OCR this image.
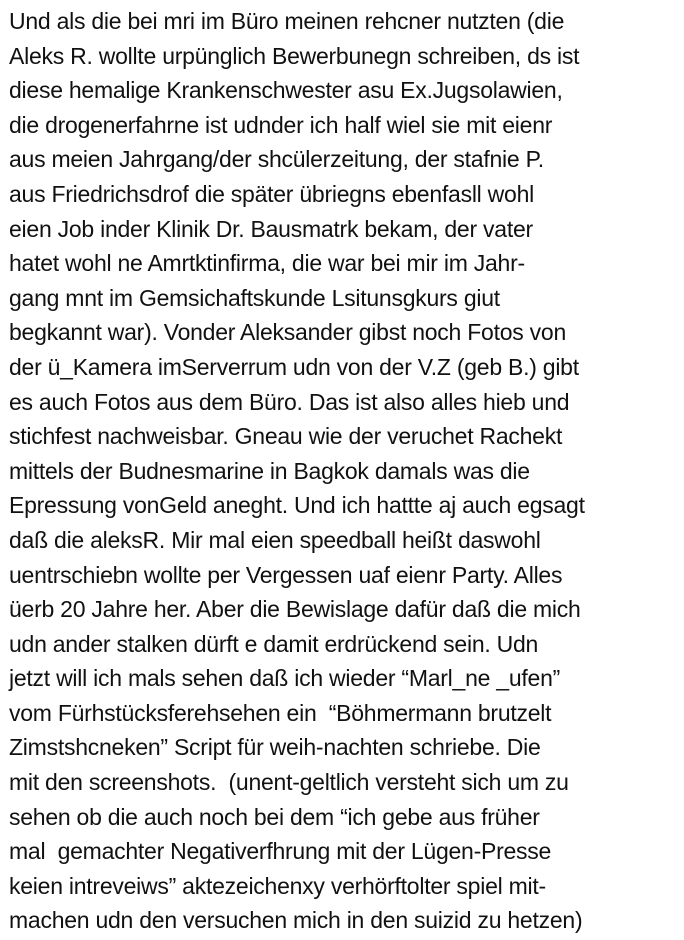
Und als die bei mri im Büro meinen rehcner nutzten (die
Aleks R. wollte urpünglich Bewerbunegn schreiben, ds ist
diese hemalige Krankenschwester asu Ex.Jugsolawien,
die drogenerfahrne ist udnder ich half wiel sie mit eienr
aus meien Jahrgang/der shcülerzeitung, der stafnie P.
aus Friedrichsdrof die später übriegns ebenfasll wohl
eien Job inder Klinik Dr. Bausmatrk bekam, der vater
hatet wohl ne Amrtktinfirma, die war bei mir im Jahr-
gang mnt im Gemsichaftskunde Lsitunsgkurs giut
begkannt war). Vonder Aleksander gibst noch Fotos von
der ü_Kamera imServerrum udn von der V.Z (geb B.) gibt
es auch Fotos aus dem Büro. Das ist also alles hieb und
stichfest nachweisbar. Gneau wie der veruchet Rachekt
mittels der Budnesmarine in Bagkok damals was die
Epressung vonGeld aneght. Und ich hattte aj auch egsagt
daß die aleksR. Mir mal eien speedball heißt daswohl
uentrschiebn wollte per Vergessen uaf eienr Party. Alles
üerb 20 Jahre her. Aber die Bewislage dafür daß die mich
udn ander stalken dürft e damit erdrückend sein. Udn
jetzt will ich mals sehen daß ich wieder “Marl_ne _ufen”
vom Fürhstücksferehsehen ein  “Böhmermann brutzelt
Zimstshcneken” Script für weih-nachten schriebe. Die
mit den screenshots.  (unent-geltlich versteht sich um zu
sehen ob die auch noch bei dem “ich gebe aus früher
mal  gemachter Negativerfhrung mit der Lügen-Presse
keien intreveiws” aktezeichenxy verhörftolter spiel mit-
machen udn den versuchen mich in den suizid zu hetzen)
